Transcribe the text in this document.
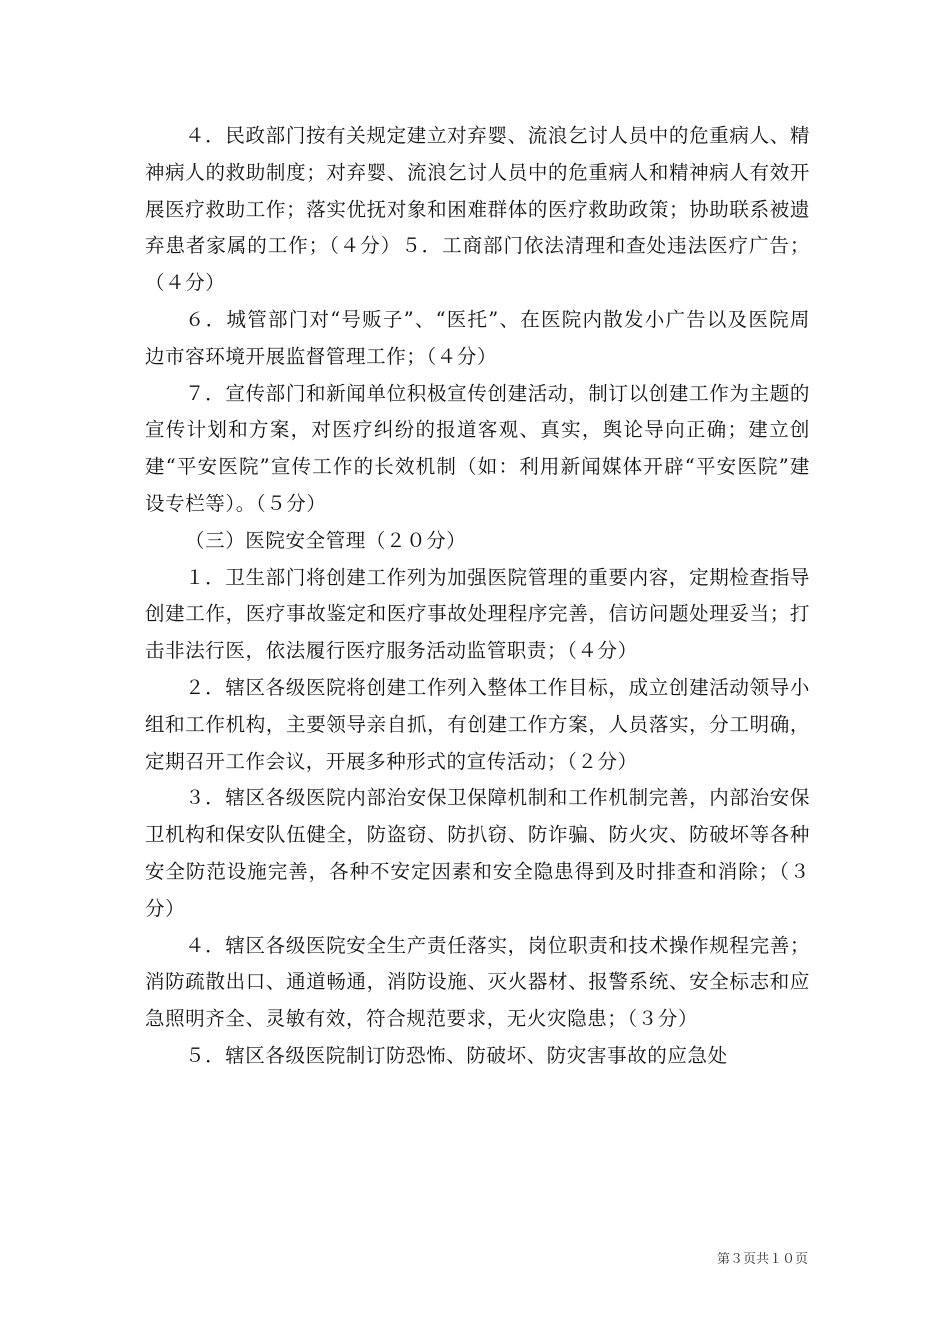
４．民政部门按有关规定建立对弃婴、流浪乞讨人员中的危重病人、精神病人的救助制度；对弃婴、流浪乞讨人员中的危重病人和精神病人有效开展医疗救助工作；落实优抚对象和困难群体的医疗救助政策；协助联系被遗弃患者家属的工作；（４分）５．工商部门依法清理和查处违法医疗广告；（４分）

６．城管部门对“号贩子”、“医托”、在医院内散发小广告以及医院周边市容环境开展监督管理工作；（４分）

７．宣传部门和新闻单位积极宣传创建活动，制订以创建工作为主题的宣传计划和方案，对医疗纠纷的报道客观、真实，舆论导向正确；建立创建“平安医院”宣传工作的长效机制（如：利用新闻媒体开辟“平安医院”建设专栏等）。（５分）

（三）医院安全管理（２０分）

１．卫生部门将创建工作列为加强医院管理的重要内容，定期检查指导创建工作，医疗事故鉴定和医疗事故处理程序完善，信访问题处理妥当；打击非法行医，依法履行医疗服务活动监管职责；（４分）

２．辖区各级医院将创建工作列入整体工作目标，成立创建活动领导小组和工作机构，主要领导亲自抓，有创建工作方案，人员落实，分工明确，定期召开工作会议，开展多种形式的宣传活动；（２分）

３．辖区各级医院内部治安保卫保障机制和工作机制完善，内部治安保卫机构和保安队伍健全，防盗窃、防扒窃、防诈骗、防火灾、防破坏等各种安全防范设施完善，各种不安定因素和安全隐患得到及时排查和消除；（３分）

４．辖区各级医院安全生产责任落实，岗位职责和技术操作规程完善；消防疏散出口、通道畅通，消防设施、灭火器材、报警系统、安全标志和应急照明齐全、灵敏有效，符合规范要求，无火灾隐患；（３分）

５．辖区各级医院制订防恐怖、防破坏、防灾害事故的应急处

第３页共１０页
